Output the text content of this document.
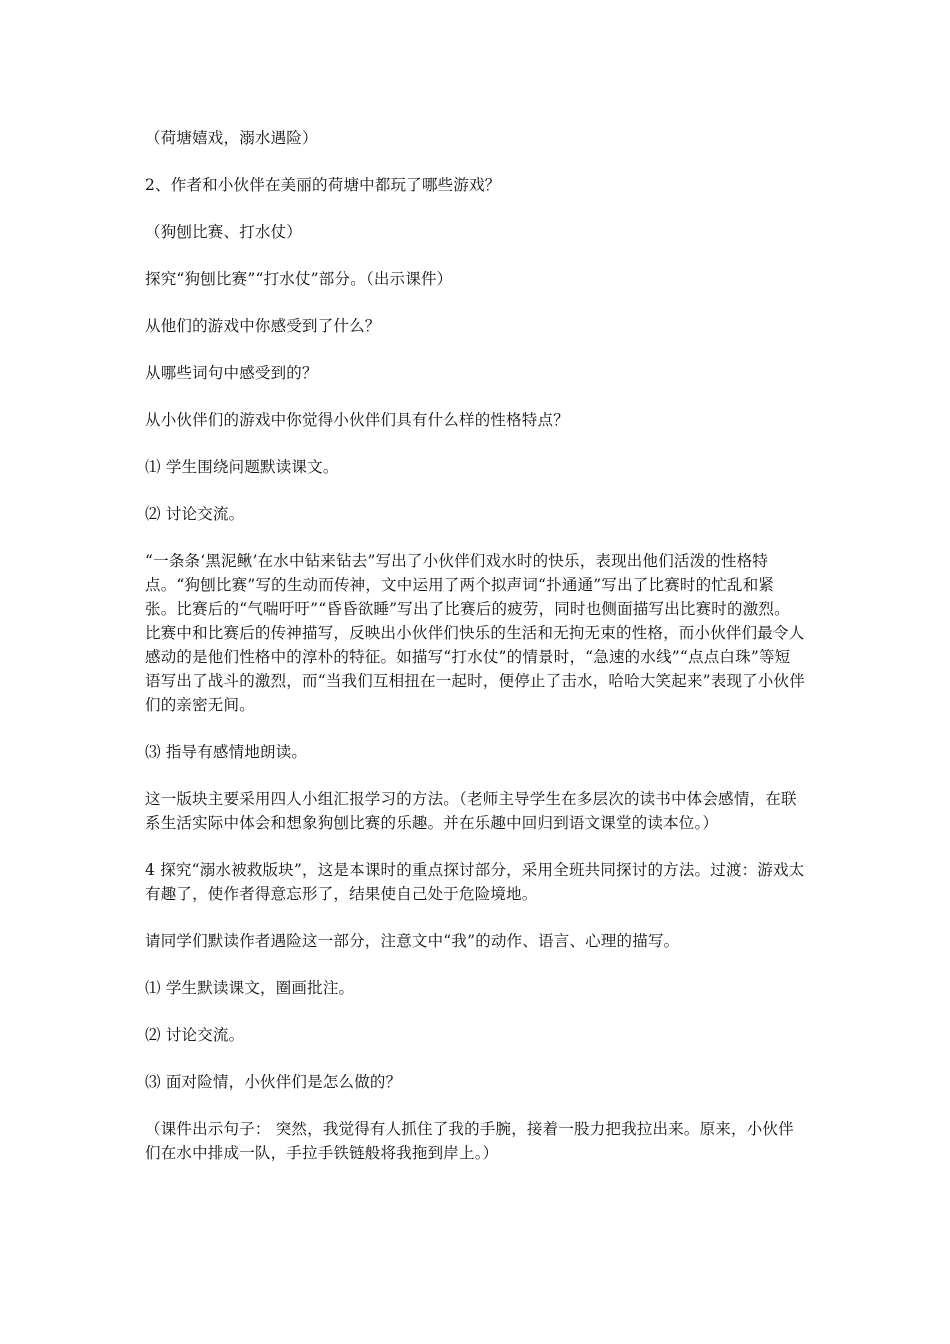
（荷塘嬉戏，溺水遇险）

2、作者和小伙伴在美丽的荷塘中都玩了哪些游戏？

（狗刨比赛、打水仗）

探究“狗刨比赛”“打水仗”部分。（出示课件）

从他们的游戏中你感受到了什么？

从哪些词句中感受到的？

从小伙伴们的游戏中你觉得小伙伴们具有什么样的性格特点？

⑴ 学生围绕问题默读课文。

⑵ 讨论交流。

“一条条‘黑泥鳅’在水中钻来钻去”写出了小伙伴们戏水时的快乐，表现出他们活泼的性格特点。“狗刨比赛”写的生动而传神，文中运用了两个拟声词“扑通通”写出了比赛时的忙乱和紧张。比赛后的“气喘吁吁”“昏昏欲睡”写出了比赛后的疲劳，同时也侧面描写出比赛时的激烈。比赛中和比赛后的传神描写，反映出小伙伴们快乐的生活和无拘无束的性格，而小伙伴们最令人感动的是他们性格中的淳朴的特征。如描写“打水仗”的情景时，“急速的水线”“点点白珠”等短语写出了战斗的激烈，而“当我们互相扭在一起时，便停止了击水，哈哈大笑起来”表现了小伙伴们的亲密无间。

⑶ 指导有感情地朗读。

这一版块主要采用四人小组汇报学习的方法。（老师主导学生在多层次的读书中体会感情，在联系生活实际中体会和想象狗刨比赛的乐趣。并在乐趣中回归到语文课堂的读本位。）

4 探究“溺水被救版块”，这是本课时的重点探讨部分，采用全班共同探讨的方法。过渡：游戏太有趣了，使作者得意忘形了，结果使自己处于危险境地。

请同学们默读作者遇险这一部分，注意文中“我”的动作、语言、心理的描写。

⑴ 学生默读课文，圈画批注。

⑵ 讨论交流。

⑶ 面对险情，小伙伴们是怎么做的？

（课件出示句子： 突然，我觉得有人抓住了我的手腕，接着一股力把我拉出来。原来，小伙伴们在水中排成一队，手拉手铁链般将我拖到岸上。）
